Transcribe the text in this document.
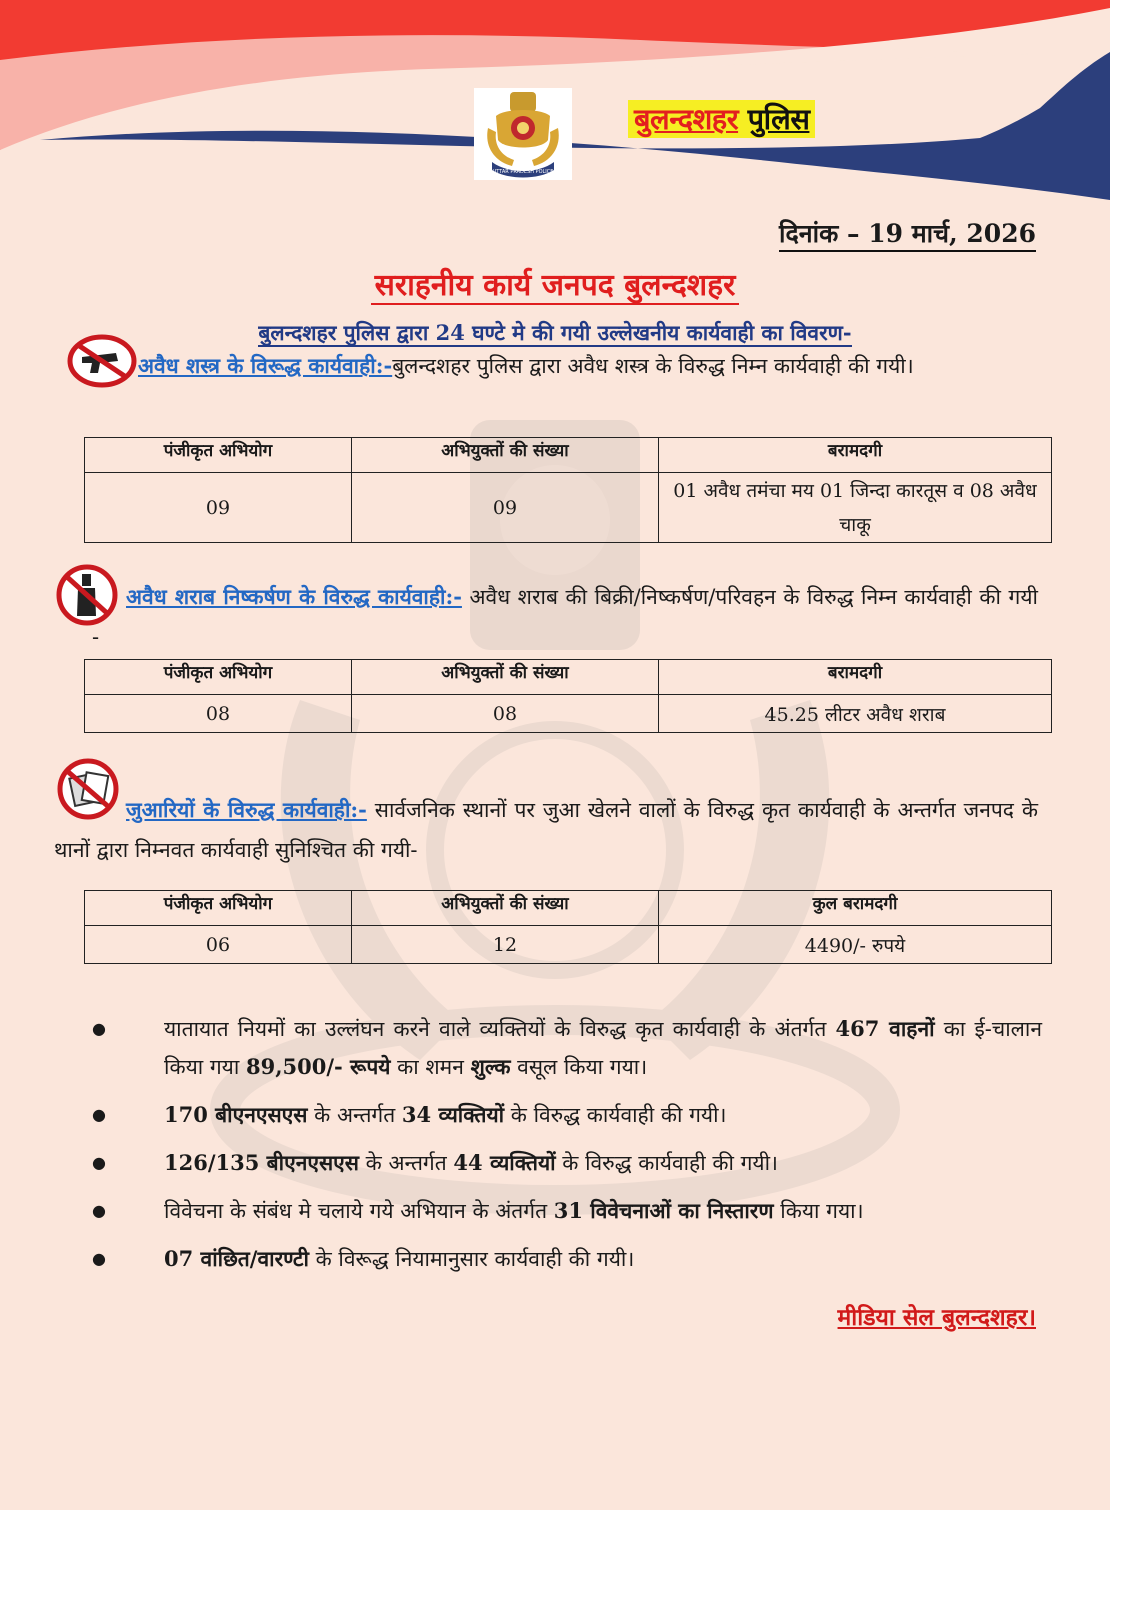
UTTAR PRADESH POLICE
बुलन्दशहर पुलिस
दिनांक – 19 मार्च, 2026
सराहनीय कार्य जनपद बुलन्दशहर
बुलन्दशहर पुलिस द्वारा 24 घण्टे मे की गयी उल्लेखनीय कार्यवाही का विवरण-
अवैध शस्त्र के विरूद्ध कार्यवाही:-बुलन्दशहर पुलिस द्वारा अवैध शस्त्र के विरुद्ध निम्न कार्यवाही की गयी।
पंजीकृत अभियोग	अभियुक्तों की संख्या	बरामदगी
09	09	01 अवैध तमंचा मय 01 जिन्दा कारतूस व 08 अवैध चाकू
अवैध शराब निष्कर्षण के विरुद्ध कार्यवाही:- अवैध शराब की बिक्री/निष्कर्षण/परिवहन के विरुद्ध निम्न कार्यवाही की गयी -
पंजीकृत अभियोग	अभियुक्तों की संख्या	बरामदगी
08	08	45.25 लीटर अवैध शराब
जुआरियों के विरुद्ध कार्यवाही:- सार्वजनिक स्थानों पर जुआ खेलने वालों के विरुद्ध कृत कार्यवाही के अन्तर्गत जनपद के थानों द्वारा निम्नवत कार्यवाही सुनिश्चित की गयी-
पंजीकृत अभियोग	अभियुक्तों की संख्या	कुल बरामदगी
06	12	4490/- रुपये
● यातायात नियमों का उल्लंघन करने वाले व्यक्तियों के विरुद्ध कृत कार्यवाही के अंतर्गत 467 वाहनों का ई-चालान किया गया 89,500/- रूपये का शमन शुल्क वसूल किया गया।
● 170 बीएनएसएस के अन्तर्गत 34 व्यक्तियों के विरुद्ध कार्यवाही की गयी।
● 126/135 बीएनएसएस के अन्तर्गत 44 व्यक्तियों के विरुद्ध कार्यवाही की गयी।
● विवेचना के संबंध मे चलाये गये अभियान के अंतर्गत 31 विवेचनाओं का निस्तारण किया गया।
● 07 वांछित/वारण्टी के विरूद्ध नियामानुसार कार्यवाही की गयी।
मीडिया सेल बुलन्दशहर।
